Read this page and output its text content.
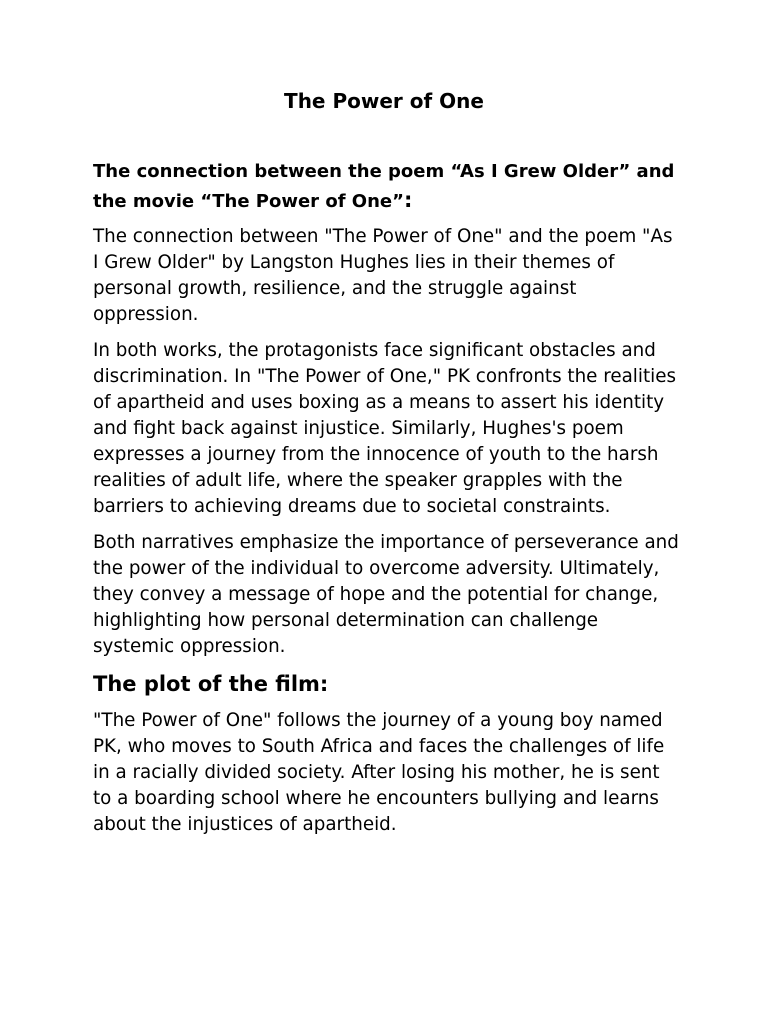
The Power of One
The connection between the poem “As I Grew Older” and the movie “The Power of One”:

The connection between "The Power of One" and the poem "As I Grew Older" by Langston Hughes lies in their themes of personal growth, resilience, and the struggle against oppression.

In both works, the protagonists face significant obstacles and discrimination. In "The Power of One," PK confronts the realities of apartheid and uses boxing as a means to assert his identity and fight back against injustice. Similarly, Hughes's poem expresses a journey from the innocence of youth to the harsh realities of adult life, where the speaker grapples with the barriers to achieving dreams due to societal constraints.

Both narratives emphasize the importance of perseverance and the power of the individual to overcome adversity. Ultimately, they convey a message of hope and the potential for change, highlighting how personal determination can challenge systemic oppression.

The plot of the film:

"The Power of One" follows the journey of a young boy named PK, who moves to South Africa and faces the challenges of life in a racially divided society. After losing his mother, he is sent to a boarding school where he encounters bullying and learns about the injustices of apartheid.
